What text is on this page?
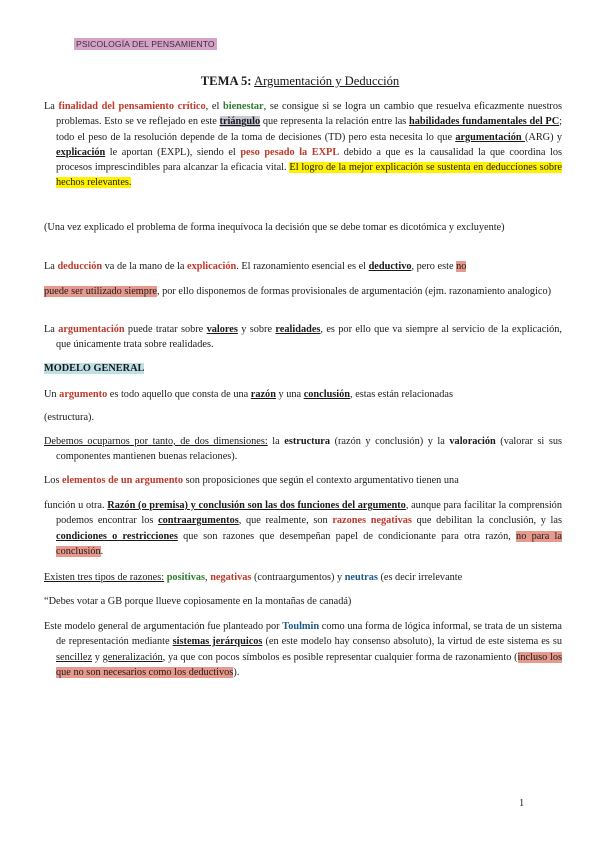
PSICOLOGÍA DEL PENSAMIENTO
TEMA 5: Argumentación y Deducción

La finalidad del pensamiento crítico, el bienestar, se consigue si se logra un cambio que resuelva eficazmente nuestros problemas. Esto se ve reflejado en este triángulo que representa la relación entre las habilidades fundamentales del PC; todo el peso de la resolución depende de la toma de decisiones (TD) pero esta necesita lo que argumentación (ARG) y explicación le aportan (EXPL), siendo el peso pesado la EXPL debido a que es la causalidad la que coordina los procesos imprescindibles para alcanzar la eficacia vital. El logro de la mejor explicación se sustenta en deducciones sobre hechos relevantes.

(Una vez explicado el problema de forma inequívoca la decisión que se debe tomar es dicotómica y excluyente)

La deducción va de la mano de la explicación. El razonamiento esencial es el deductivo, pero este no

puede ser utilizado siempre, por ello disponemos de formas provisionales de argumentación (ejm. razonamiento analogico)

La argumentación puede tratar sobre valores y sobre realidades, es por ello que va siempre al servicio de la explicación, que únicamente trata sobre realidades.

MODELO GENERAL

Un argumento es todo aquello que consta de una razón y una conclusión, estas están relacionadas

(estructura).

Debemos ocuparnos por tanto, de dos dimensiones: la estructura (razón y conclusión) y la valoración (valorar si sus componentes mantienen buenas relaciones).

Los elementos de un argumento son proposiciones que según el contexto argumentativo tienen una

función u otra. Razón (o premisa) y conclusión son las dos funciones del argumento, aunque para facilitar la comprensión podemos encontrar los contraargumentos, que realmente, son razones negativas que debilitan la conclusión, y las condiciones o restricciones que son razones que desempeñan papel de condicionante para otra razón, no para la conclusión.

Existen tres tipos de razones: positivas, negativas (contraargumentos) y neutras (es decir irrelevante

“Debes votar a GB porque llueve copiosamente en la montañas de canadá)

Este modelo general de argumentación fue planteado por Toulmin como una forma de lógica informal, se trata de un sistema de representación mediante sistemas jerárquicos (en este modelo hay consenso absoluto), la virtud de este sistema es su sencillez y generalización, ya que con pocos símbolos es posible representar cualquier forma de razonamiento (incluso los que no son necesarios como los deductivos).

1
